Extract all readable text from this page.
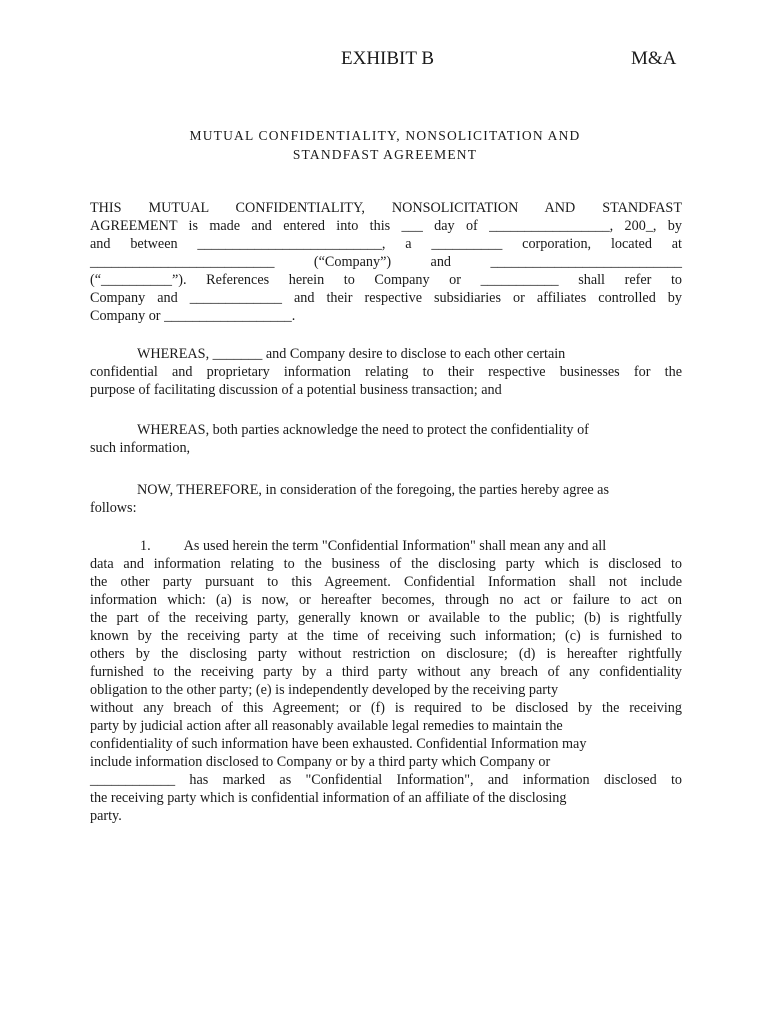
EXHIBIT B	M&A
MUTUAL CONFIDENTIALITY, NONSOLICITATION AND
STANDFAST AGREEMENT
THIS MUTUAL CONFIDENTIALITY, NONSOLICITATION AND STANDFAST
AGREEMENT is made and entered into this ___ day of _________________, 200_, by
and between __________________________, a __________ corporation, located at
__________________________ (“Company”) and ___________________________
(“__________”). References herein to Company or ___________ shall refer to
Company and _____________ and their respective subsidiaries or affiliates controlled by
Company or __________________.
WHEREAS, _______ and Company desire to disclose to each other certain
confidential and proprietary information relating to their respective businesses for the
purpose of facilitating discussion of a potential business transaction; and
WHEREAS, both parties acknowledge the need to protect the confidentiality of
such information,
NOW, THEREFORE, in consideration of the foregoing, the parties hereby agree as
follows:
1. As used herein the term "Confidential Information" shall mean any and all
data and information relating to the business of the disclosing party which is disclosed to
the other party pursuant to this Agreement. Confidential Information shall not include
information which: (a) is now, or hereafter becomes, through no act or failure to act on
the part of the receiving party, generally known or available to the public; (b) is rightfully
known by the receiving party at the time of receiving such information; (c) is furnished to
others by the disclosing party without restriction on disclosure; (d) is hereafter rightfully
furnished to the receiving party by a third party without any breach of any confidentiality
obligation to the other party; (e) is independently developed by the receiving party
without any breach of this Agreement; or (f) is required to be disclosed by the receiving
party by judicial action after all reasonably available legal remedies to maintain the
confidentiality of such information have been exhausted. Confidential Information may
include information disclosed to Company or by a third party which Company or
____________ has marked as "Confidential Information", and information disclosed to
the receiving party which is confidential information of an affiliate of the disclosing
party.
